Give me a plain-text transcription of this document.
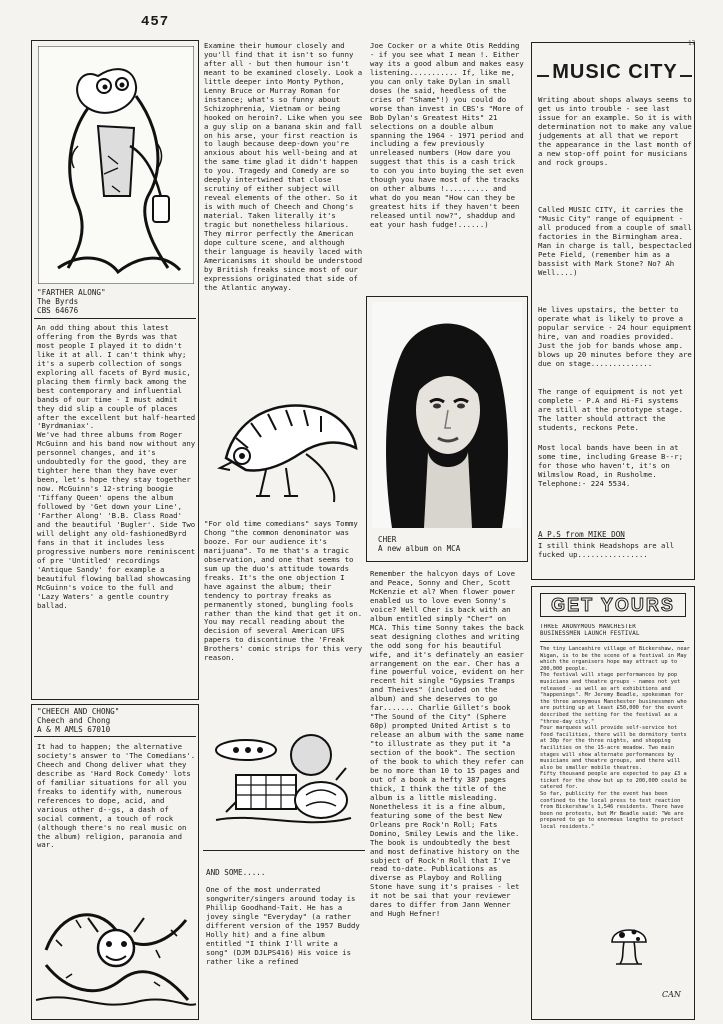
457
17
"FARTHER ALONG"
The Byrds
CBS 64676
An odd thing about this latest offering from the Byrds was that most people I played it to didn't like it at all. I can't think why; it's a superb collection of songs exploring all facets of Byrd music, placing them firmly back among the best contemporary and influential bands of our time - I must admit they did slip a couple of places after the excellent but half-hearted 'Byrdmaniax'.
We've had three albums from Roger McGuinn and his band now without any personnel changes, and it's undoubtedly for the good, they are tighter here than they have ever been, let's hope they stay together now. McGuinn's 12-string boogie 'Tiffany Queen' opens the album followed by 'Get down your Line', 'Farther Along' 'B.B. Class Road' and the beautiful 'Bugler'. Side Two will delight any old-fashionedByrd fans in that it includes less progressive numbers more reminiscent of pre 'Untitled' recordings 'Antique Sandy' for example a beautiful flowing ballad showcasing McGuinn's voice to the full and 'Lazy Waters' a gentle country ballad.
"CHEECH AND CHONG"
Cheech and Chong
A & M AMLS 67010
It had to happen; the alternative society's answer to 'The Comedians'. Cheech and Chong deliver what they describe as 'Hard Rock Comedy' lots of familiar situations for all you freaks to identify with, numerous references to dope, acid, and various other d--gs, a dash of social comment, a touch of rock (although there's no real music on the album) religion, paranoia and war.
Examine their humour closely and you'll find that it isn't so funny after all - but then humour isn't meant to be examined closely. Look a little deeper into Monty Python, Lenny Bruce or Murray Roman for instance; what's so funny about Schizophrenia, Vietnam or being hooked on heroin?. Like when you see a guy slip on a banana skin and fall on his arse, your first reaction is to laugh because deep-down you're anxious about his well-being and at the same time glad it didn't happen to you. Tragedy and Comedy are so deeply intertwined that close scrutiny of either subject will reveal elements of the other. So it is with much of Cheech and Chong's material. Taken literally it's tragic but nonetheless hilarious. They mirror perfectly the American dope culture scene, and although their language is heavily laced with Americanisms it should be understood by British freaks since most of our expressions originated that side of the Atlantic anyway.
"For old time comedians" says Tommy Chong "the common denominator was booze. For our audience it's marijuana". To me that's a tragic observation, and one that seems to sum up the duo's attitude towards freaks. It's the one objection I have against the album; their tendency to portray freaks as permanently stoned, bungling fools rather than the kind that get it on. You may recall reading about the decision of several American UFS papers to discontinue the 'Freak Brothers' comic strips for this very reason.
AND SOME.....
One of the most underrated songwriter/singers around today is Phillip Goodhand-Tait. He has a jovey single "Everyday" (a rather different version of the 1957 Buddy Holly hit) and a fine album entitled "I think I'll write a song" (DJM DJLPS416) His voice is rather like a refined
Joe Cocker or a white Otis Redding - if you see what I mean !. Either way its a good album and makes easy listening........... If, like me, you can only take Dylan in small doses (he said, heedless of the cries of "Shame"!) you could do worse than invest in CBS's "More of Bob Dylan's Greatest Hits" 21 selections on a double album spanning the 1964 - 1971 period and including a few previously unreleased numbers (How dare you suggest that this is a cash trick to con you into buying the set even though you have most of the tracks on other albums !.......... and what do you mean "How can they be greatest hits if they haven't been released until now?", shaddup and eat your hash fudge!......)
CHER
A new album on MCA
Remember the halcyon days of Love and Peace, Sonny and Cher, Scott McKenzie et al? When flower power enabled us to love even Sonny's voice? Well Cher is back with an album entitled simply "Cher" on MCA. This time Sonny takes the back seat designing clothes and writing the odd song for his beautiful wife, and it's definately an easier arrangement on the ear. Cher has a fine powerful voice, evident on her recent hit single "Gypsies Tramps and Theives" (included on the album) and she deserves to go far....... Charlie Gillet's book "The Sound of the City" (Sphere 60p) prompted United Artist s to release an album with the same name "to illustrate as they put it "a section of the book". The section of the book to which they refer can be no more than 10 to 15 pages and out of a book a hefty 387 pages thick, I think the title of the album is a little misleading. Nonetheless it is a fine album, featuring some of the best New Orleans pre Rock'n Roll; Fats Domino, Smiley Lewis and the like. The book is undoubtedly the best and most definative history on the subject of Rock'n Roll that I've read to-date. Publications as diverse as Playboy and Rolling Stone have sung it's praises - let it not be sai that your reviewer dares to differ from Jann Wenner and Hugh Hefner!
MUSIC CITY
Writing about shops always seems to get us into trouble - see last issue for an example. So it is with determination not to make any value judgements at all that we report the appearance in the last month of a new stop-off point for musicians and rock groups.
Called MUSIC CITY, it carries the "Music City" range of equipment - all produced from a couple of small factories in the Birmingham area. Man in charge is tall, bespectacled Pete Field, (remember him as a bassist with Mark Stone? No? Ah Well....)
He lives upstairs, the better to operate what is likely to prove a popular service - 24 hour equipment hire, van and roadies provided. Just the job for bands whose amp. blows up 20 minutes before they are due on stage..............
The range of equipment is not yet complete - P.A and Hi-Fi systems are still at the prototype stage. The latter should attract the students, reckons Pete.
Most local bands have been in at some time, including Grease B--r; for those who haven't, it's on Wilmslow Road, in Rusholme. Telephone:- 224 5534.
A P.S from MIKE DON
I still think Headshops are all fucked up................
GET YOURS
THREE ANONYMOUS MANCHESTER
BUSINESSMEN LAUNCH FESTIVAL
The tiny Lancashire village of Bickershaw, near Wigan, is to be the scene of a festival in May which the organisers hope may attract up to 200,000 people.
The festival will stage performances by pop musicians and theatre groups - names not yet released - as well as art exhibitions and "happenings". Mr Jeremy Beadle, spokesman for the three anonymous Manchester businessmen who are putting up at least £50,000 for the event described the setting for the festival as a "three-day city."
Four marquees will provide self-service hot food facilities, there will be dormitory tents at 30p for the three nights, and shopping facilities on the 15-acre meadow. Two main stages will show alternate performances by musicians and theatre groups, and there will also be smaller mobile theatres.
Fifty thousand people are expected to pay £3 a ticket for the show but up to 200,000 could be catered for.
So far, publicity for the event has been confined to the local press to test reaction from Bickershaw's 1,546 residents. There have been no protests, but Mr Beadle said: "We are prepared to go to enormous lengths to protect local residents."
CAN
